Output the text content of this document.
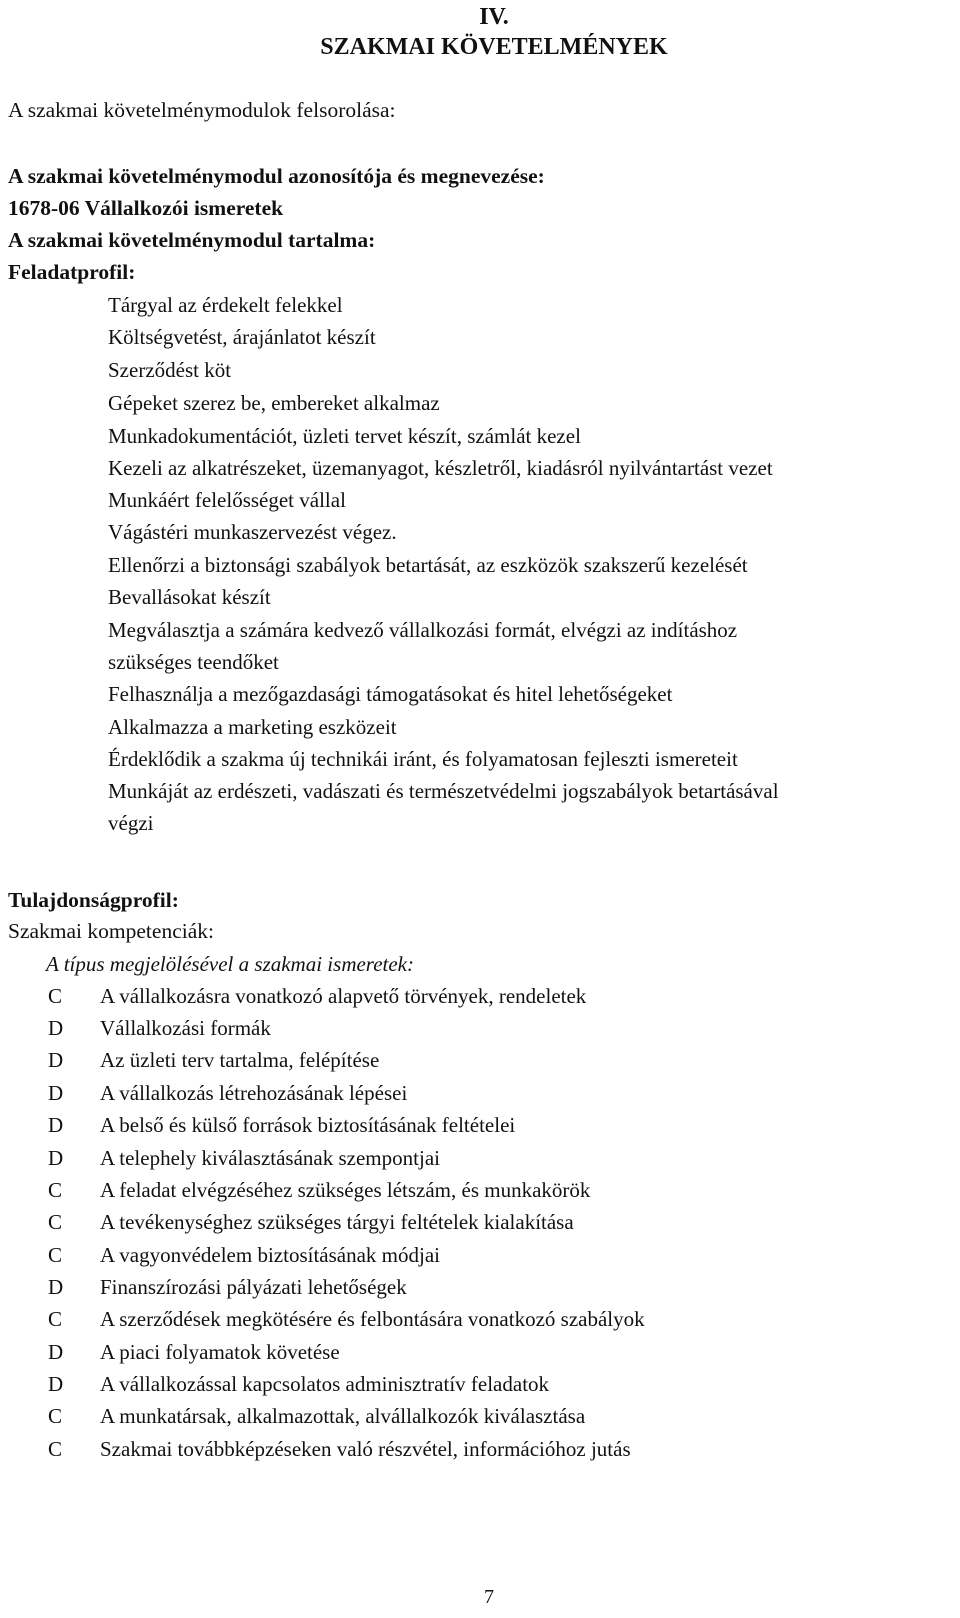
IV.
SZAKMAI KÖVETELMÉNYEK
A szakmai követelménymodulok felsorolása:
A szakmai követelménymodul azonosítója és megnevezése:
1678-06 Vállalkozói ismeretek
A szakmai követelménymodul tartalma:
Feladatprofil:
Tárgyal az érdekelt felekkel
Költségvetést, árajánlatot készít
Szerződést köt
Gépeket szerez be, embereket alkalmaz
Munkadokumentációt, üzleti tervet készít, számlát kezel
Kezeli az alkatrészeket, üzemanyagot, készletről, kiadásról nyilvántartást vezet
Munkáért felelősséget vállal
Vágástéri munkaszervezést végez.
Ellenőrzi a biztonsági szabályok betartását, az eszközök szakszerű kezelését
Bevallásokat készít
Megválasztja a számára kedvező vállalkozási formát, elvégzi az indításhoz
szükséges teendőket
Felhasználja a mezőgazdasági támogatásokat és hitel lehetőségeket
Alkalmazza a marketing eszközeit
Érdeklődik a szakma új technikái iránt, és folyamatosan fejleszti ismereteit
Munkáját az erdészeti, vadászati és természetvédelmi jogszabályok betartásával
végzi
Tulajdonságprofil:
Szakmai kompetenciák:
A típus megjelölésével a szakmai ismeretek:
C A vállalkozásra vonatkozó alapvető törvények, rendeletek
D Vállalkozási formák
D Az üzleti terv tartalma, felépítése
D A vállalkozás létrehozásának lépései
D A belső és külső források biztosításának feltételei
D A telephely kiválasztásának szempontjai
C A feladat elvégzéséhez szükséges létszám, és munkakörök
C A tevékenységhez szükséges tárgyi feltételek kialakítása
C A vagyonvédelem biztosításának módjai
D Finanszírozási pályázati lehetőségek
C A szerződések megkötésére és felbontására vonatkozó szabályok
D A piaci folyamatok követése
D A vállalkozással kapcsolatos adminisztratív feladatok
C A munkatársak, alkalmazottak, alvállalkozók kiválasztása
C Szakmai továbbképzéseken való részvétel, információhoz jutás
7
